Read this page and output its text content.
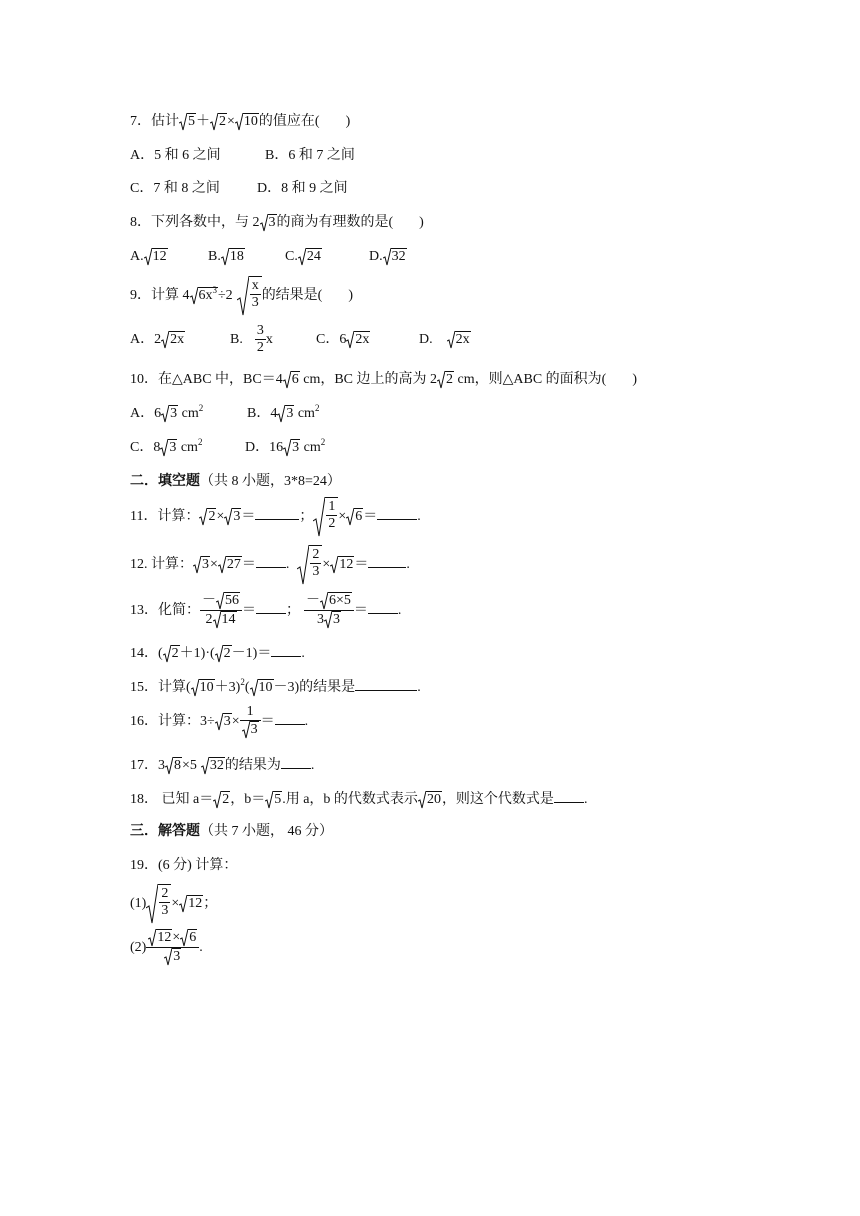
7．估计 5 ＋ 2 × 10 的值应在( )
A．5 和 6 之间	B．6 和 7 之间
C．7 和 8 之间	D．8 和 9 之间
8．下列各数中，与 2 3 的商为有理数的是( )
A. 12	B. 18	C. 24	D. 32
9．计算 4 $6x^3 \div 2 \frac{x}{3}$ 的结果是( )
A．2 2x	B. $\frac{3}{2}$ x	C．6 2x	D. 2x
10．在△ABC 中，BC＝4 6 cm，BC 边上的高为 2 2 cm，则△ABC 的面积为( )
A．6 3 $cm^2$	B．4 3 $cm^2$
C．8 3 $cm^2$	D．16 3 $cm^2$
二．填空题（共 8 小题，3*8=24）
11．计算： 2 × 3 ＝	； $\frac{1}{2} \times 6$ ＝	.
12. 计算： 3 × 27 ＝ . $\frac{2}{3} \times 12$ ＝	.
13．化简： $\frac{- 56}{2 14}$ ＝ ； $\frac{- 6\times 5}{3 3}$ ＝ .
14．( 2 ＋1)·( 2 －1)＝ .
15．计算( 10 ＋3)$^2$( 10 －3)的结果是	.
16．计算：$3\div 3 \times \frac{1}{3}$ ＝ .
17．3 8 ×5 32 的结果为 .
18． 已知 a＝ 2 ，b＝ 5 .用 a，b 的代数式表示 20 ，则这个代数式是 .
三．解答题（共 7 小题， 46 分）
19．(6 分) 计算：
$(1) \frac{2}{3} \times 12$ ；
$(2) \frac{12 \times 6}{3}$ .
